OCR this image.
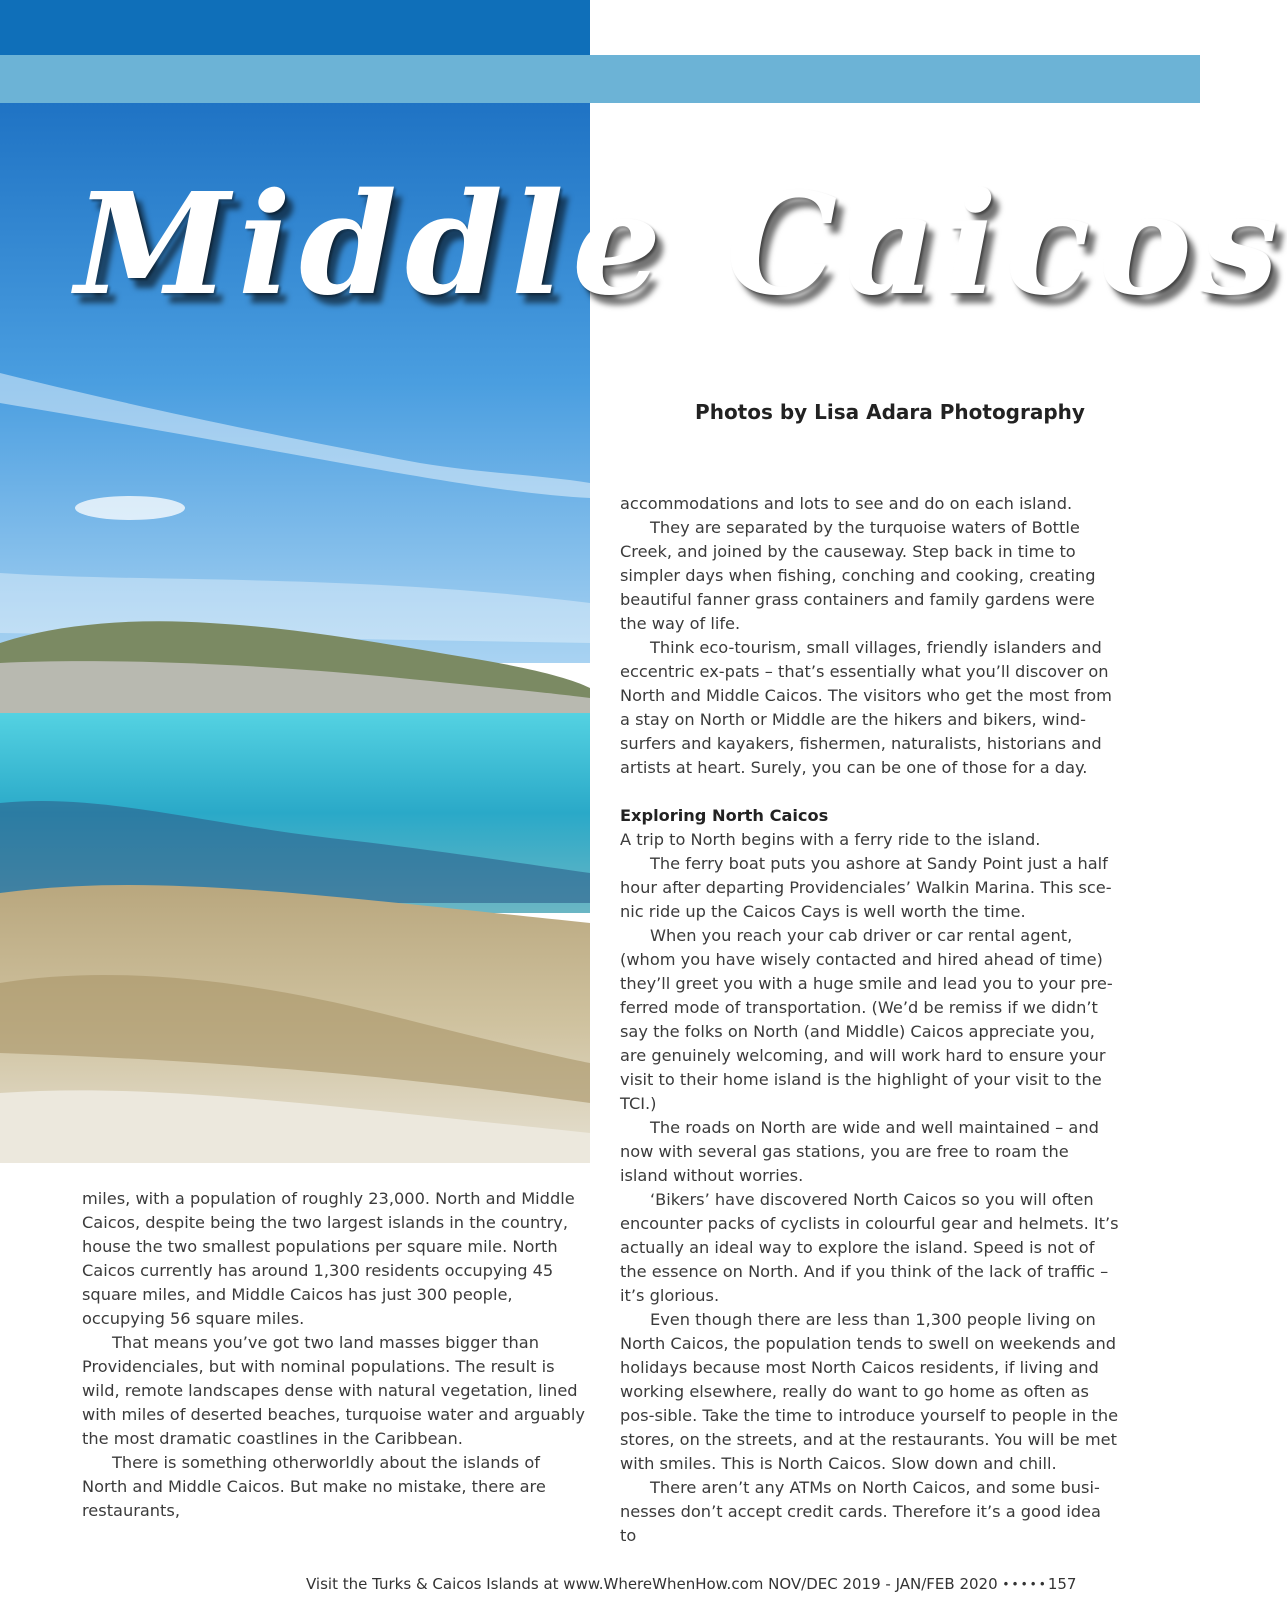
Middle Caicos
Photos by Lisa Adara Photography

miles, with a population of roughly 23,000. North and Middle Caicos, despite being the two largest islands in the country, house the two smallest populations per square mile. North Caicos currently has around 1,300 residents occupying 45 square miles, and Middle Caicos has just 300 people, occupying 56 square miles.

That means you’ve got two land masses bigger than Providenciales, but with nominal populations. The result is wild, remote landscapes dense with natural vegetation, lined with miles of deserted beaches, turquoise water and arguably the most dramatic coastlines in the Caribbean.

There is something otherworldly about the islands of North and Middle Caicos. But make no mistake, there are restaurants,

accommodations and lots to see and do on each island.

They are separated by the turquoise waters of Bottle Creek, and joined by the causeway. Step back in time to simpler days when fishing, conching and cooking, creating beautiful fanner grass containers and family gardens were the way of life.

Think eco-tourism, small villages, friendly islanders and eccentric ex-pats – that’s essentially what you’ll discover on North and Middle Caicos. The visitors who get the most from a stay on North or Middle are the hikers and bikers, wind-surfers and kayakers, fishermen, naturalists, historians and artists at heart. Surely, you can be one of those for a day.

Exploring North Caicos

A trip to North begins with a ferry ride to the island.

The ferry boat puts you ashore at Sandy Point just a half hour after departing Providenciales’ Walkin Marina. This sce-nic ride up the Caicos Cays is well worth the time.

When you reach your cab driver or car rental agent, (whom you have wisely contacted and hired ahead of time) they’ll greet you with a huge smile and lead you to your pre-ferred mode of transportation. (We’d be remiss if we didn’t say the folks on North (and Middle) Caicos appreciate you, are genuinely welcoming, and will work hard to ensure your visit to their home island is the highlight of your visit to the TCI.)

The roads on North are wide and well maintained – and now with several gas stations, you are free to roam the island without worries.

‘Bikers’ have discovered North Caicos so you will often encounter packs of cyclists in colourful gear and helmets. It’s actually an ideal way to explore the island. Speed is not of the essence on North. And if you think of the lack of traffic – it’s glorious.

Even though there are less than 1,300 people living on North Caicos, the population tends to swell on weekends and holidays because most North Caicos residents, if living and working elsewhere, really do want to go home as often as pos-sible. Take the time to introduce yourself to people in the stores, on the streets, and at the restaurants. You will be met with smiles. This is North Caicos. Slow down and chill.

There aren’t any ATMs on North Caicos, and some busi-nesses don’t accept credit cards. Therefore it’s a good idea to

Visit the Turks & Caicos Islands at www.WhereWhenHow.com NOV/DEC 2019 - JAN/FEB 2020 •••••157
